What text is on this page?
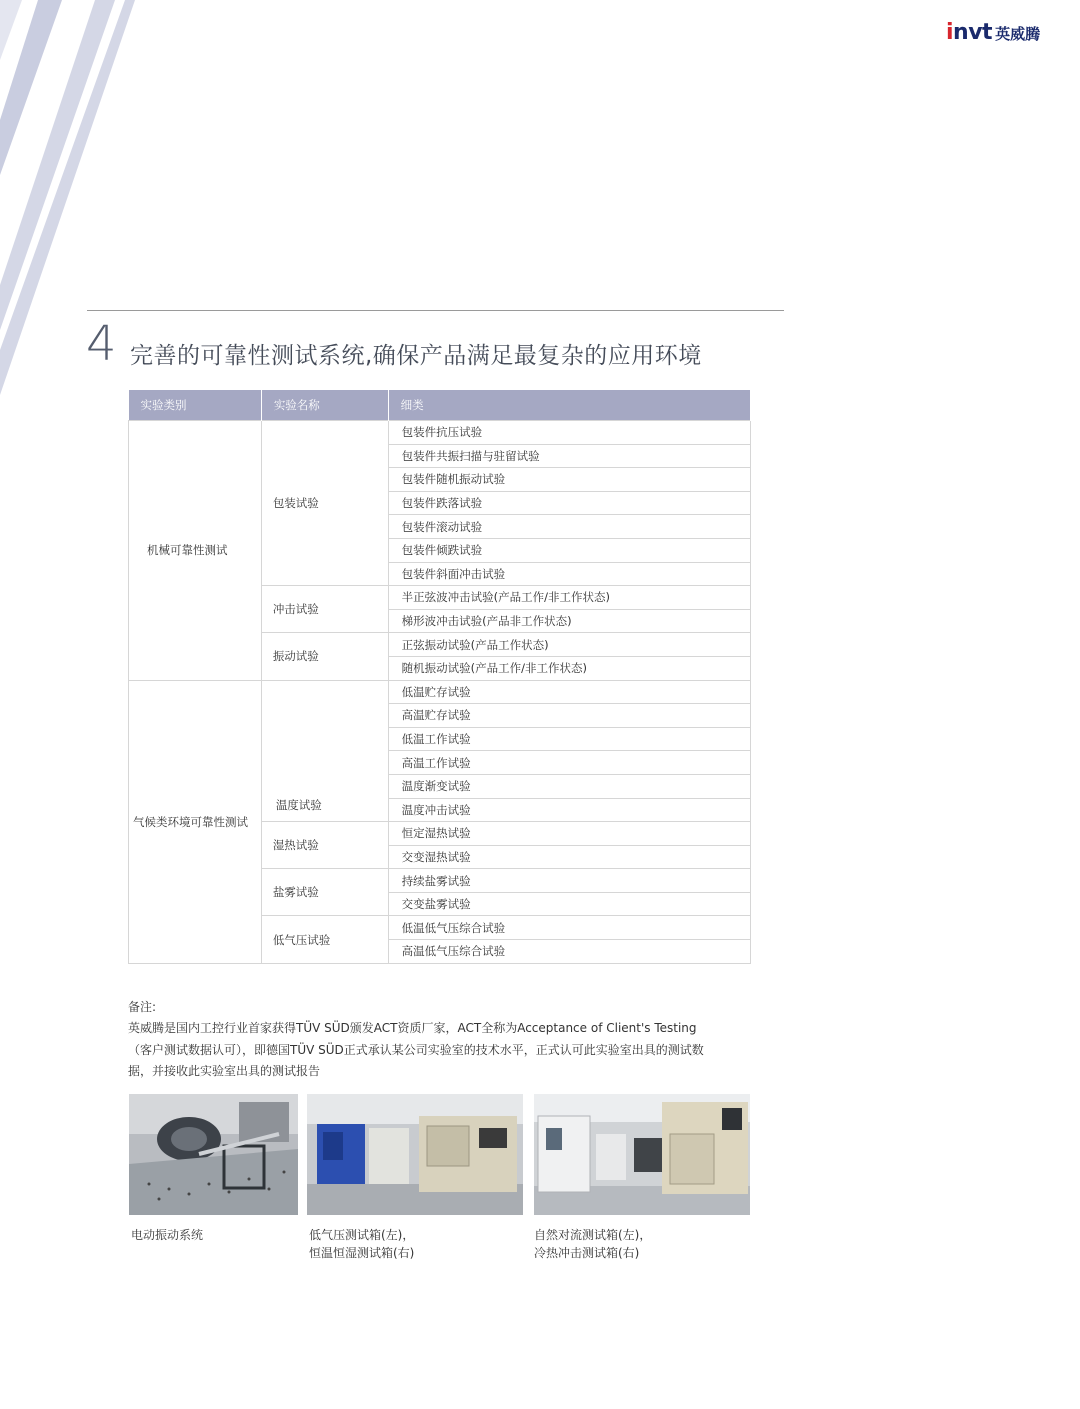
invt 英威腾
4 完善的可靠性测试系统,确保产品满足最复杂的应用环境
实验类别	实验名称	细类
机械可靠性测试	包装试验	包装件抗压试验
		包装件共振扫描与驻留试验
		包装件随机振动试验
		包装件跌落试验
		包装件滚动试验
		包装件倾跌试验
		包装件斜面冲击试验
	冲击试验	半正弦波冲击试验(产品工作/非工作状态)
		梯形波冲击试验(产品非工作状态)
	振动试验	正弦振动试验(产品工作状态)
		随机振动试验(产品工作/非工作状态)
气候类环境可靠性测试	温度试验	低温贮存试验
		高温贮存试验
		低温工作试验
		高温工作试验
		温度渐变试验
		温度冲击试验
	湿热试验	恒定湿热试验
		交变湿热试验
	盐雾试验	持续盐雾试验
		交变盐雾试验
	低气压试验	低温低气压综合试验
		高温低气压综合试验
备注:
英威腾是国内工控行业首家获得TÜV SÜD颁发ACT资质厂家，ACT全称为Acceptance of Client's Testing（客户测试数据认可），即德国TÜV SÜD正式承认某公司实验室的技术水平，正式认可此实验室出具的测试数据，并接收此实验室出具的测试报告
电动振动系统	低气压测试箱(左)，
恒温恒湿测试箱(右)
自然对流测试箱(左)，
冷热冲击测试箱(右)
